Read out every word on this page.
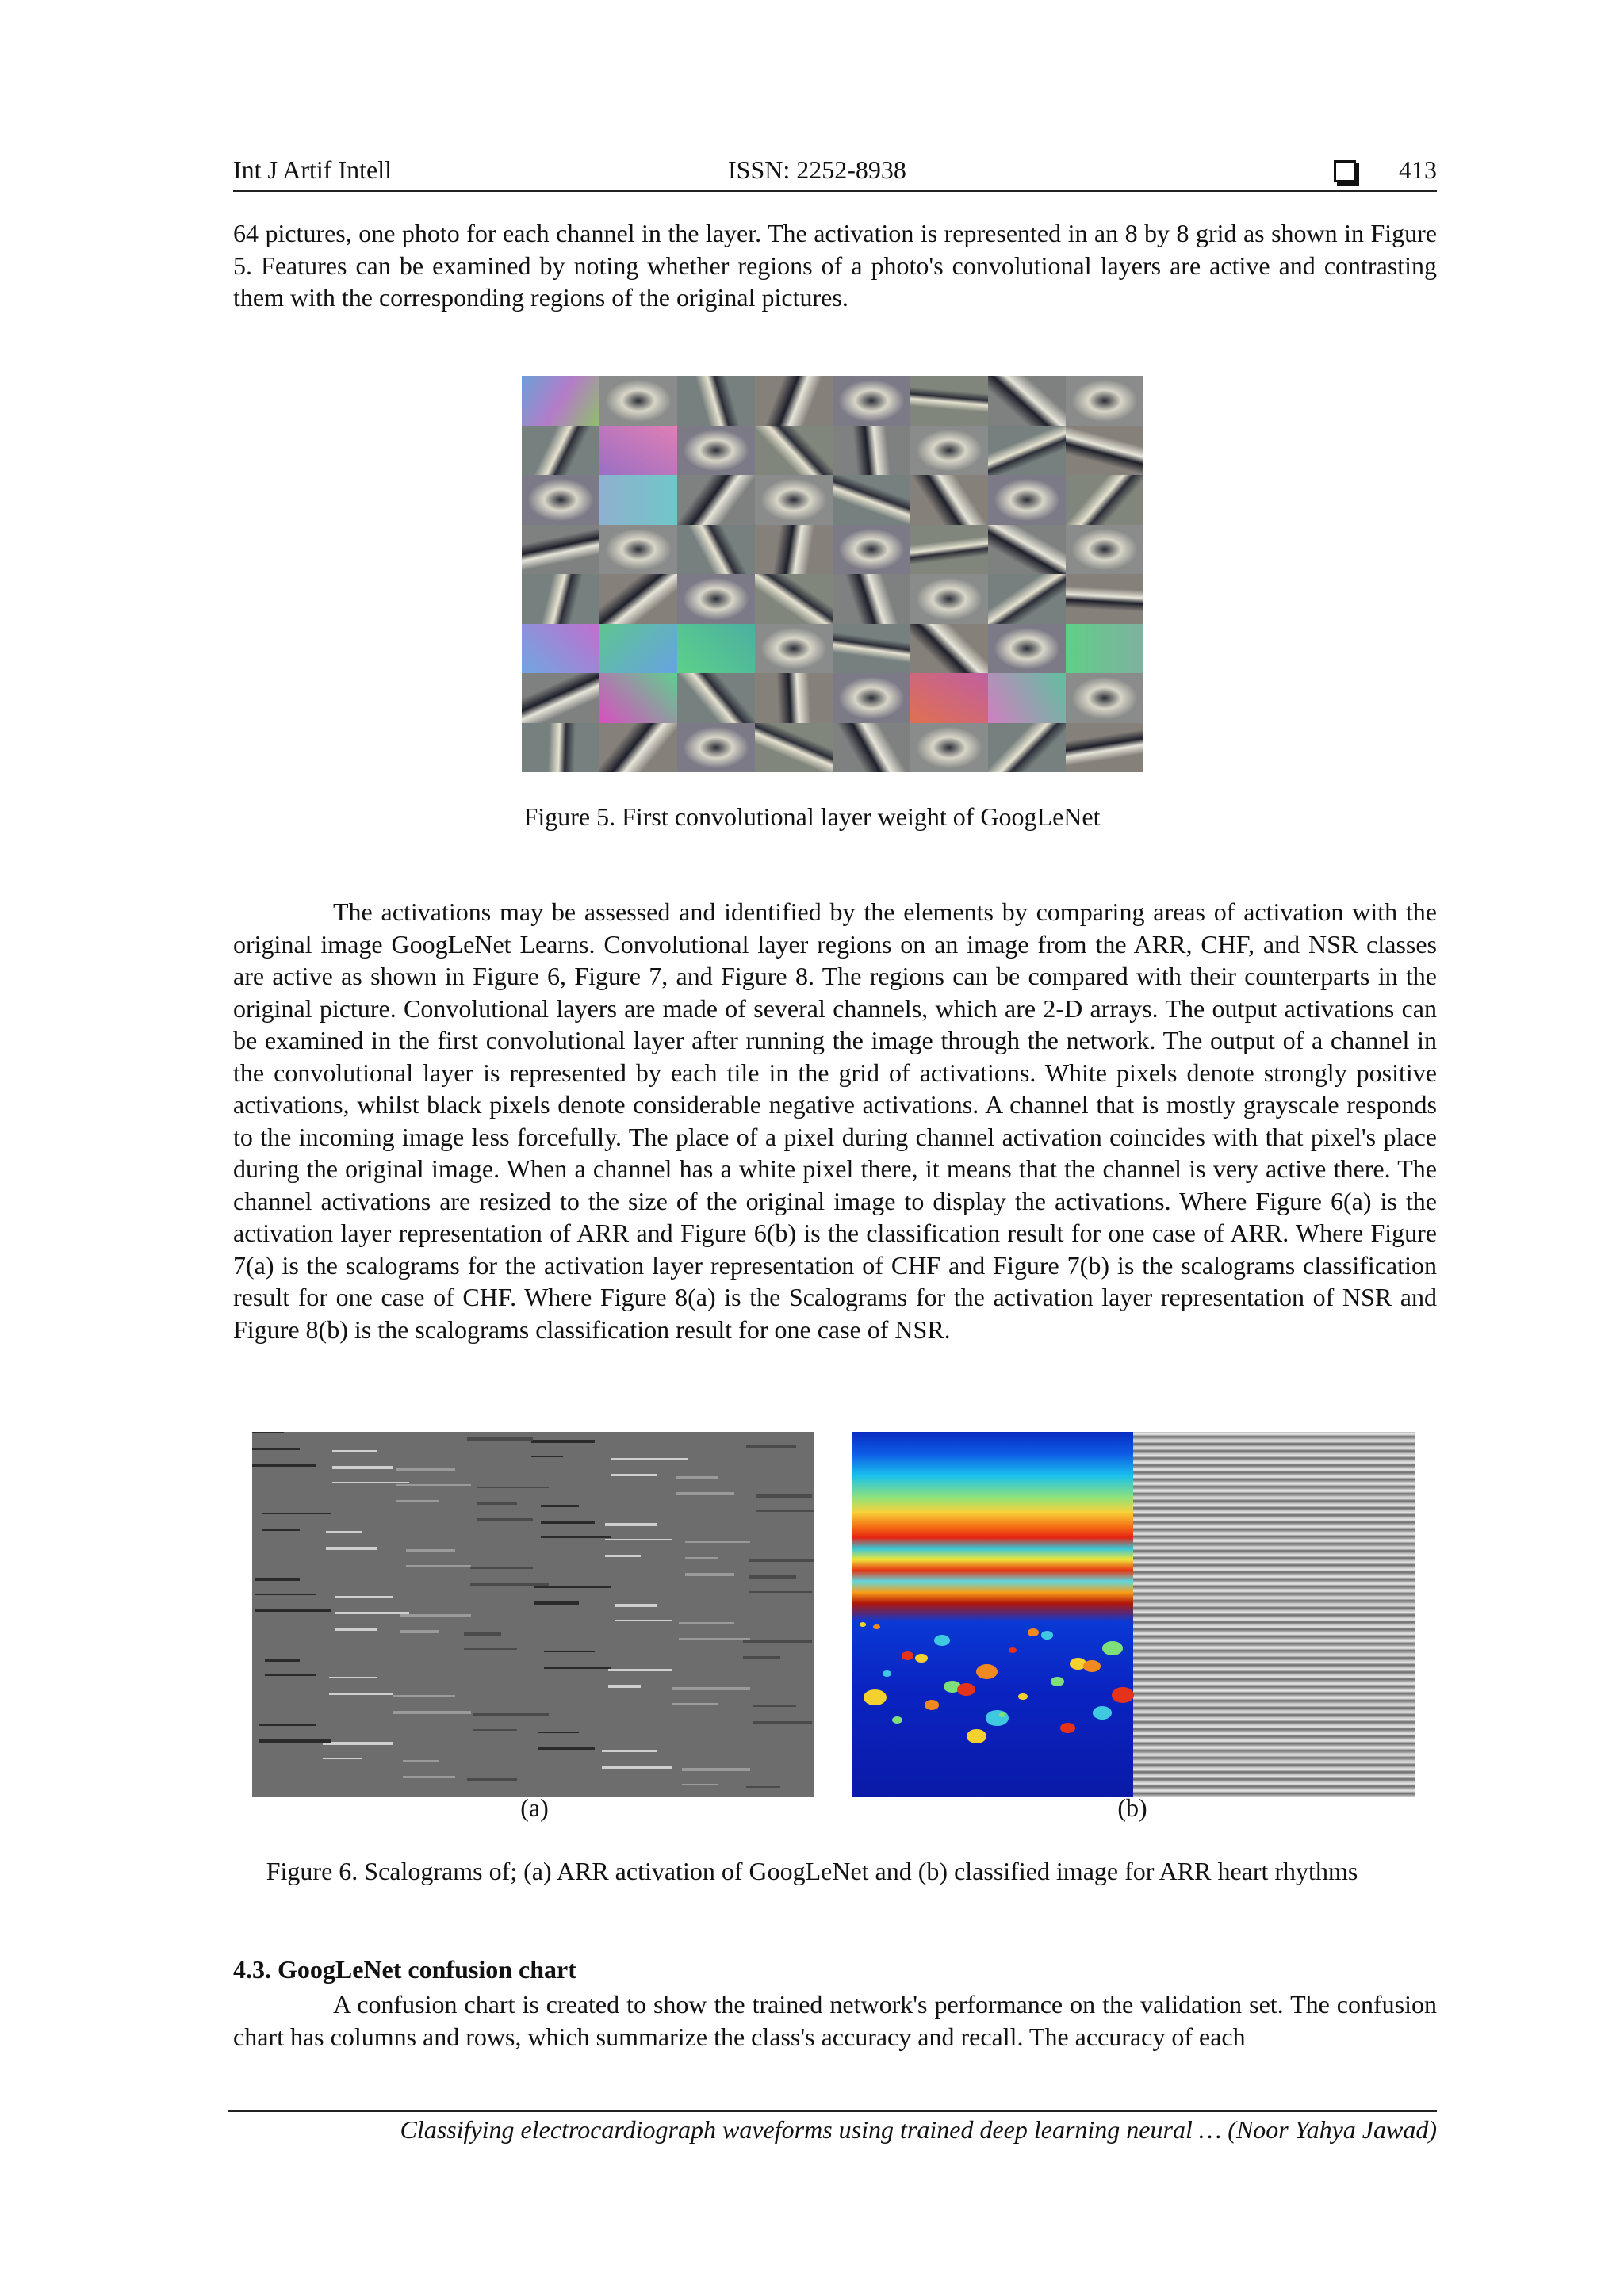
Int J Artif Intell	ISSN: 2252-8938	413

64 pictures, one photo for each channel in the layer. The activation is represented in an 8 by 8 grid as shown in Figure 5. Features can be examined by noting whether regions of a photo's convolutional layers are active and contrasting them with the corresponding regions of the original pictures.

Figure 5. First convolutional layer weight of GoogLeNet

The activations may be assessed and identified by the elements by comparing areas of activation with the original image GoogLeNet Learns. Convolutional layer regions on an image from the ARR, CHF, and NSR classes are active as shown in Figure 6, Figure 7, and Figure 8. The regions can be compared with their counterparts in the original picture. Convolutional layers are made of several channels, which are 2-D arrays. The output activations can be examined in the first convolutional layer after running the image through the network. The output of a channel in the convolutional layer is represented by each tile in the grid of activations. White pixels denote strongly positive activations, whilst black pixels denote considerable negative activations. A channel that is mostly grayscale responds to the incoming image less forcefully. The place of a pixel during channel activation coincides with that pixel's place during the original image. When a channel has a white pixel there, it means that the channel is very active there. The channel activations are resized to the size of the original image to display the activations. Where Figure 6(a) is the activation layer representation of ARR and Figure 6(b) is the classification result for one case of ARR. Where Figure 7(a) is the scalograms for the activation layer representation of CHF and Figure 7(b) is the scalograms classification result for one case of CHF. Where Figure 8(a) is the Scalograms for the activation layer representation of NSR and Figure 8(b) is the scalograms classification result for one case of NSR.

(a)	(b)
Figure 6. Scalograms of; (a) ARR activation of GoogLeNet and (b) classified image for ARR heart rhythms
4.3. GoogLeNet confusion chart

A confusion chart is created to show the trained network's performance on the validation set. The confusion chart has columns and rows, which summarize the class's accuracy and recall. The accuracy of each

Classifying electrocardiograph waveforms using trained deep learning neural … (Noor Yahya Jawad)
